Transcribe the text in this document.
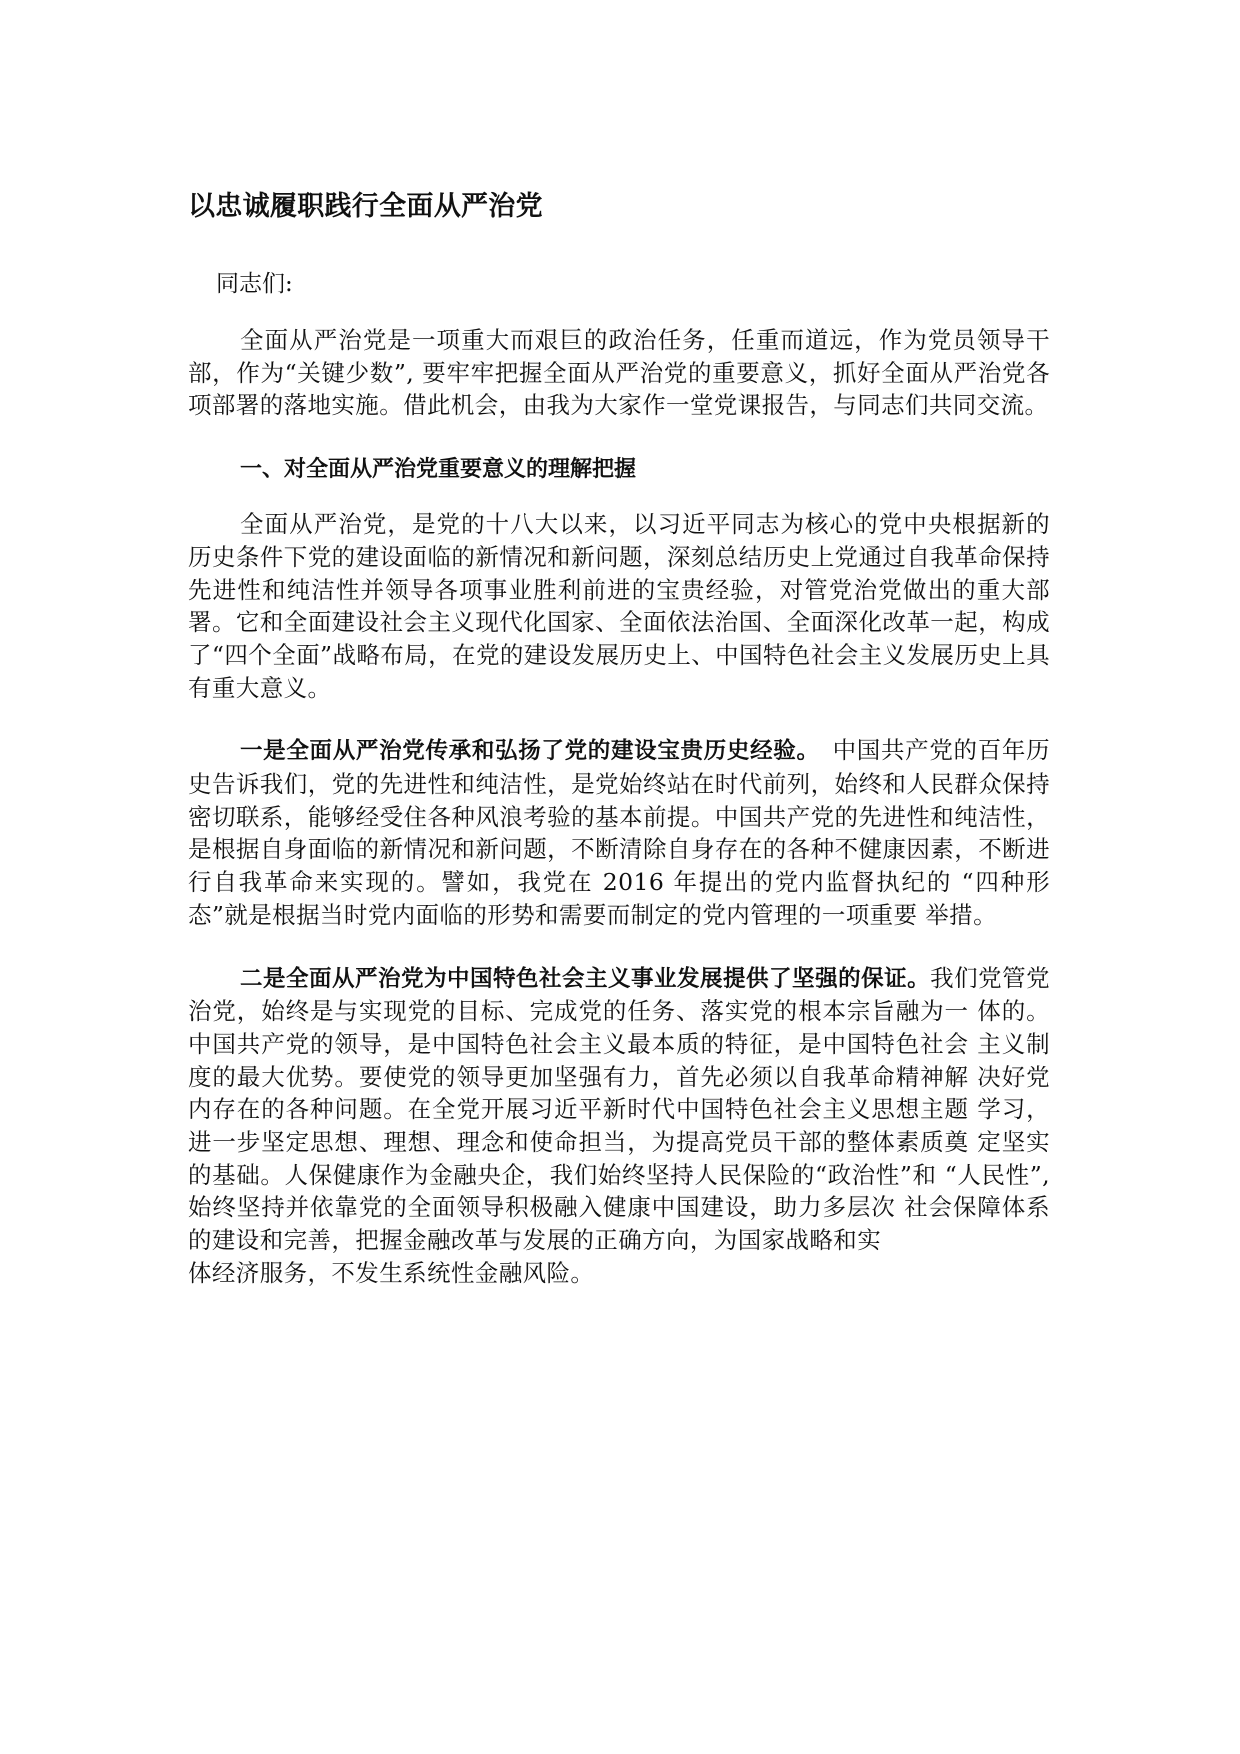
以忠诚履职践行全面从严治党

同志们:

全面从严治党是一项重大而艰巨的政治任务，任重而道远，作为党员领导干部，作为“关键少数”, 要牢牢把握全面从严治党的重要意义，抓好全面从严治党各项部署的落地实施。借此机会，由我为大家作一堂党课报告，与同志们共同交流。

一、对全面从严治党重要意义的理解把握

全面从严治党，是党的十八大以来，以习近平同志为核心的党中央根据新的历史条件下党的建设面临的新情况和新问题，深刻总结历史上党通过自我革命保持先进性和纯洁性并领导各项事业胜利前进的宝贵经验，对管党治党做出的重大部署。它和全面建设社会主义现代化国家、全面依法治国、全面深化改革一起，构成了“四个全面”战略布局，在党的建设发展历史上、中国特色社会主义发展历史上具有重大意义。

一是全面从严治党传承和弘扬了党的建设宝贵历史经验。　中国共产党的百年历史告诉我们，党的先进性和纯洁性，是党始终站在时代前列，始终和人民群众保持密切联系，能够经受住各种风浪考验的基本前提。中国共产党的先进性和纯洁性，是根据自身面临的新情况和新问题，不断清除自身存在的各种不健康因素，不断进行自我革命来实现的。譬如，我党在 2016 年提出的党内监督执纪的 “四种形态”就是根据当时党内面临的形势和需要而制定的党内管理的一项重要 举措。

二是全面从严治党为中国特色社会主义事业发展提供了坚强的保证。我们党管党治党，始终是与实现党的目标、完成党的任务、落实党的根本宗旨融为一 体的。中国共产党的领导，是中国特色社会主义最本质的特征，是中国特色社会 主义制度的最大优势。要使党的领导更加坚强有力，首先必须以自我革命精神解 决好党内存在的各种问题。在全党开展习近平新时代中国特色社会主义思想主题 学习，进一步坚定思想、理想、理念和使命担当，为提高党员干部的整体素质奠 定坚实的基础。人保健康作为金融央企，我们始终坚持人民保险的“政治性”和 “人民性”, 始终坚持并依靠党的全面领导积极融入健康中国建设，助力多层次 社会保障体系的建设和完善，把握金融改革与发展的正确方向，为国家战略和实

体经济服务，不发生系统性金融风险。
